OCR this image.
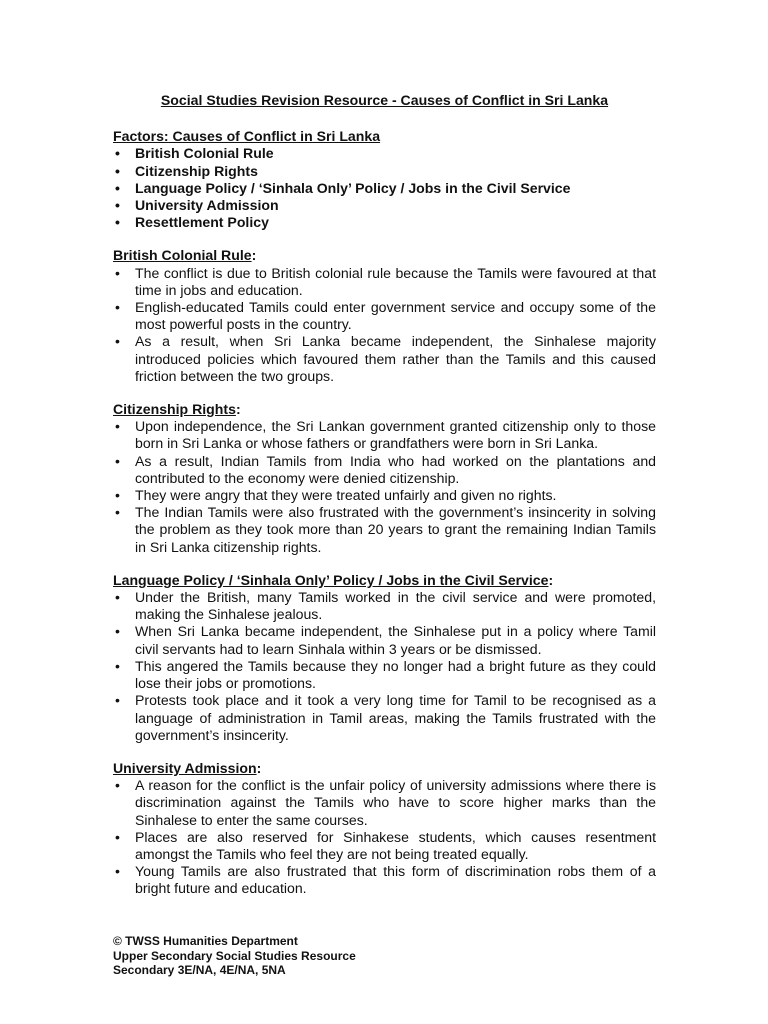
Social Studies Revision Resource - Causes of Conflict in Sri Lanka

Factors: Causes of Conflict in Sri Lanka

• British Colonial Rule
• Citizenship Rights
• Language Policy / ‘Sinhala Only’ Policy / Jobs in the Civil Service
• University Admission
• Resettlement Policy

British Colonial Rule:

• The conflict is due to British colonial rule because the Tamils were favoured at that time in jobs and education.
• English-educated Tamils could enter government service and occupy some of the most powerful posts in the country.
• As a result, when Sri Lanka became independent, the Sinhalese majority introduced policies which favoured them rather than the Tamils and this caused friction between the two groups.

Citizenship Rights:

• Upon independence, the Sri Lankan government granted citizenship only to those born in Sri Lanka or whose fathers or grandfathers were born in Sri Lanka.
• As a result, Indian Tamils from India who had worked on the plantations and contributed to the economy were denied citizenship.
• They were angry that they were treated unfairly and given no rights.
• The Indian Tamils were also frustrated with the government’s insincerity in solving the problem as they took more than 20 years to grant the remaining Indian Tamils in Sri Lanka citizenship rights.

Language Policy / ‘Sinhala Only’ Policy / Jobs in the Civil Service:

• Under the British, many Tamils worked in the civil service and were promoted, making the Sinhalese jealous.
• When Sri Lanka became independent, the Sinhalese put in a policy where Tamil civil servants had to learn Sinhala within 3 years or be dismissed.
• This angered the Tamils because they no longer had a bright future as they could lose their jobs or promotions.
• Protests took place and it took a very long time for Tamil to be recognised as a language of administration in Tamil areas, making the Tamils frustrated with the government’s insincerity.

University Admission:

• A reason for the conflict is the unfair policy of university admissions where there is discrimination against the Tamils who have to score higher marks than the Sinhalese to enter the same courses.
• Places are also reserved for Sinhakese students, which causes resentment amongst the Tamils who feel they are not being treated equally.
• Young Tamils are also frustrated that this form of discrimination robs them of a bright future and education.
© TWSS Humanities Department
Upper Secondary Social Studies Resource
Secondary 3E/NA, 4E/NA, 5NA
